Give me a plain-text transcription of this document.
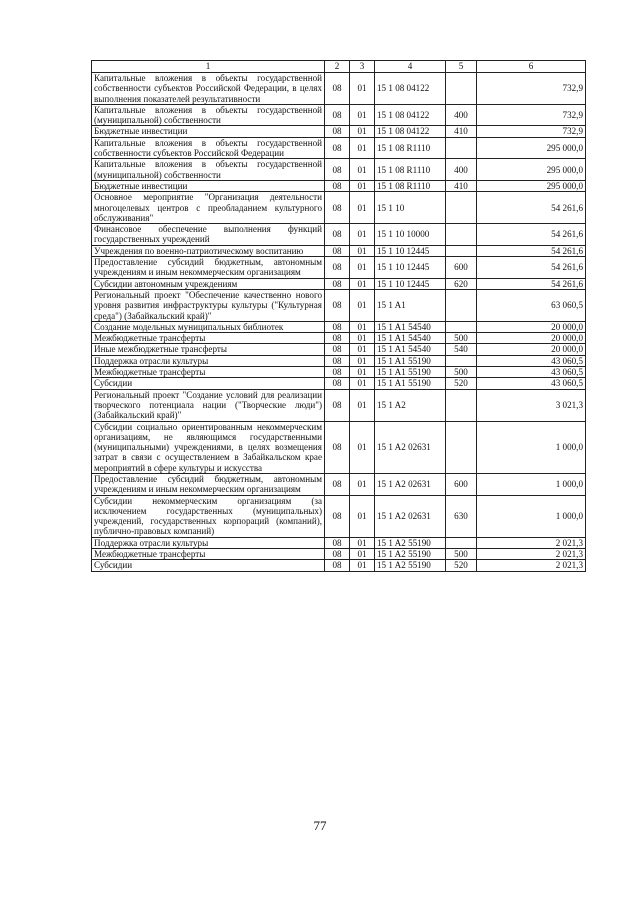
1	2	3	4	5	6
Капитальные вложения в объекты государственной собственности субъектов Российской Федерации, в целях выполнения показателей результативности	08	01	15 1 08 04122		732,9
Капитальные вложения в объекты государственной (муниципальной) собственности	08	01	15 1 08 04122	400	732,9
Бюджетные инвестиции	08	01	15 1 08 04122	410	732,9
Капитальные вложения в объекты государственной собственности субъектов Российской Федерации	08	01	15 1 08 R1110		295 000,0
Капитальные вложения в объекты государственной (муниципальной) собственности	08	01	15 1 08 R1110	400	295 000,0
Бюджетные инвестиции	08	01	15 1 08 R1110	410	295 000,0
Основное мероприятие "Организация деятельности многоцелевых центров с преобладанием культурного обслуживания"	08	01	15 1 10		54 261,6
Финансовое обеспечение выполнения функций государственных учреждений	08	01	15 1 10 10000		54 261,6
Учреждения по военно-патриотическому воспитанию	08	01	15 1 10 12445		54 261,6
Предоставление субсидий бюджетным, автономным учреждениям и иным некоммерческим организациям	08	01	15 1 10 12445	600	54 261,6
Субсидии автономным учреждениям	08	01	15 1 10 12445	620	54 261,6
Региональный проект "Обеспечение качественно нового уровня развития инфраструктуры культуры ("Культурная среда") (Забайкальский край)"	08	01	15 1 A1		63 060,5
Создание модельных муниципальных библиотек	08	01	15 1 A1 54540		20 000,0
Межбюджетные трансферты	08	01	15 1 A1 54540	500	20 000,0
Иные межбюджетные трансферты	08	01	15 1 A1 54540	540	20 000,0
Поддержка отрасли культуры	08	01	15 1 A1 55190		43 060,5
Межбюджетные трансферты	08	01	15 1 A1 55190	500	43 060,5
Субсидии	08	01	15 1 A1 55190	520	43 060,5
Региональный проект "Создание условий для реализации творческого потенциала нации ("Творческие люди") (Забайкальский край)"	08	01	15 1 A2		3 021,3
Субсидии социально ориентированным некоммерческим организациям, не являющимся государственными (муниципальными) учреждениями, в целях возмещения затрат в связи с осуществлением в Забайкальском крае мероприятий в сфере культуры и искусства	08	01	15 1 A2 02631		1 000,0
Предоставление субсидий бюджетным, автономным учреждениям и иным некоммерческим организациям	08	01	15 1 A2 02631	600	1 000,0
Субсидии некоммерческим организациям (за исключением государственных (муниципальных) учреждений, государственных корпораций (компаний), публично-правовых компаний)	08	01	15 1 A2 02631	630	1 000,0
Поддержка отрасли культуры	08	01	15 1 A2 55190		2 021,3
Межбюджетные трансферты	08	01	15 1 A2 55190	500	2 021,3
Субсидии	08	01	15 1 A2 55190	520	2 021,3
77
